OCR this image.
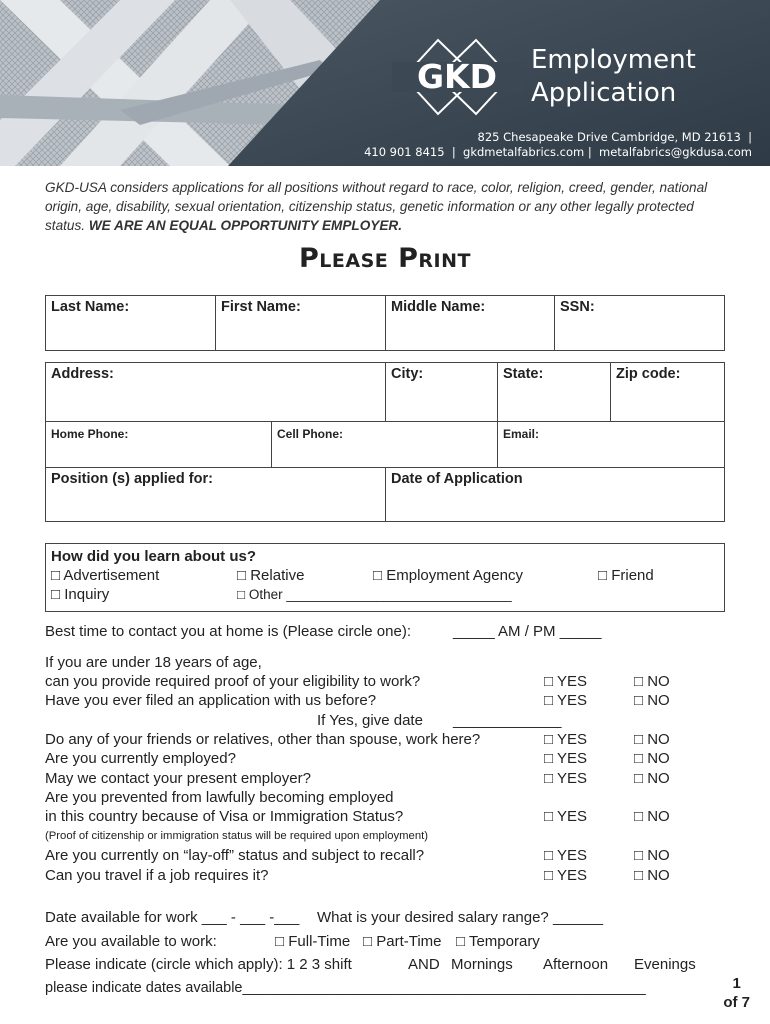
GKD Employment
Application
825 Chesapeake Drive Cambridge, MD 21613  |
410 901 8415  |  gkdmetalfabrics.com |  metalfabrics@gkdusa.com
GKD-USA considers applications for all positions without regard to race, color, religion, creed, gender, national origin, age, disability, sexual orientation, citizenship status, genetic information or any other legally protected status. WE ARE AN EQUAL OPPORTUNITY EMPLOYER.
Please Print
Last Name:	First Name:	Middle Name:	SSN:
Address:	City:	State:	Zip code:
Home Phone:	Cell Phone:	Email:
Position (s) applied for:	Date of Application
How did you learn about us?
□ Advertisement	□ Relative	□ Employment Agency	□ Friend
□ Inquiry	□ Other ______________________________
Best time to contact you at home is (Please circle one):	_____ AM / PM _____
If you are under 18 years of age,
can you provide required proof of your eligibility to work?	□ YES	□ NO
Have you ever filed an application with us before?	□ YES	□ NO
If Yes, give date _____________
Do any of your friends or relatives, other than spouse, work here?	□ YES	□ NO
Are you currently employed?	□ YES	□ NO
May we contact your present employer?	□ YES	□ NO
Are you prevented from lawfully becoming employed
in this country because of Visa or Immigration Status?	□ YES	□ NO
(Proof of citizenship or immigration status will be required upon employment)
Are you currently on “lay-off” status and subject to recall?	□ YES	□ NO
Can you travel if a job requires it?	□ YES	□ NO
Date available for work ___ - ___ -___ What is your desired salary range? ______
Are you available to work:	□ Full-Time □ Part-Time □ Temporary
Please indicate (circle which apply): 1 2 3 shift	AND Mornings Afternoon Evenings
please indicate dates available__________________________________________________	1
of 7
